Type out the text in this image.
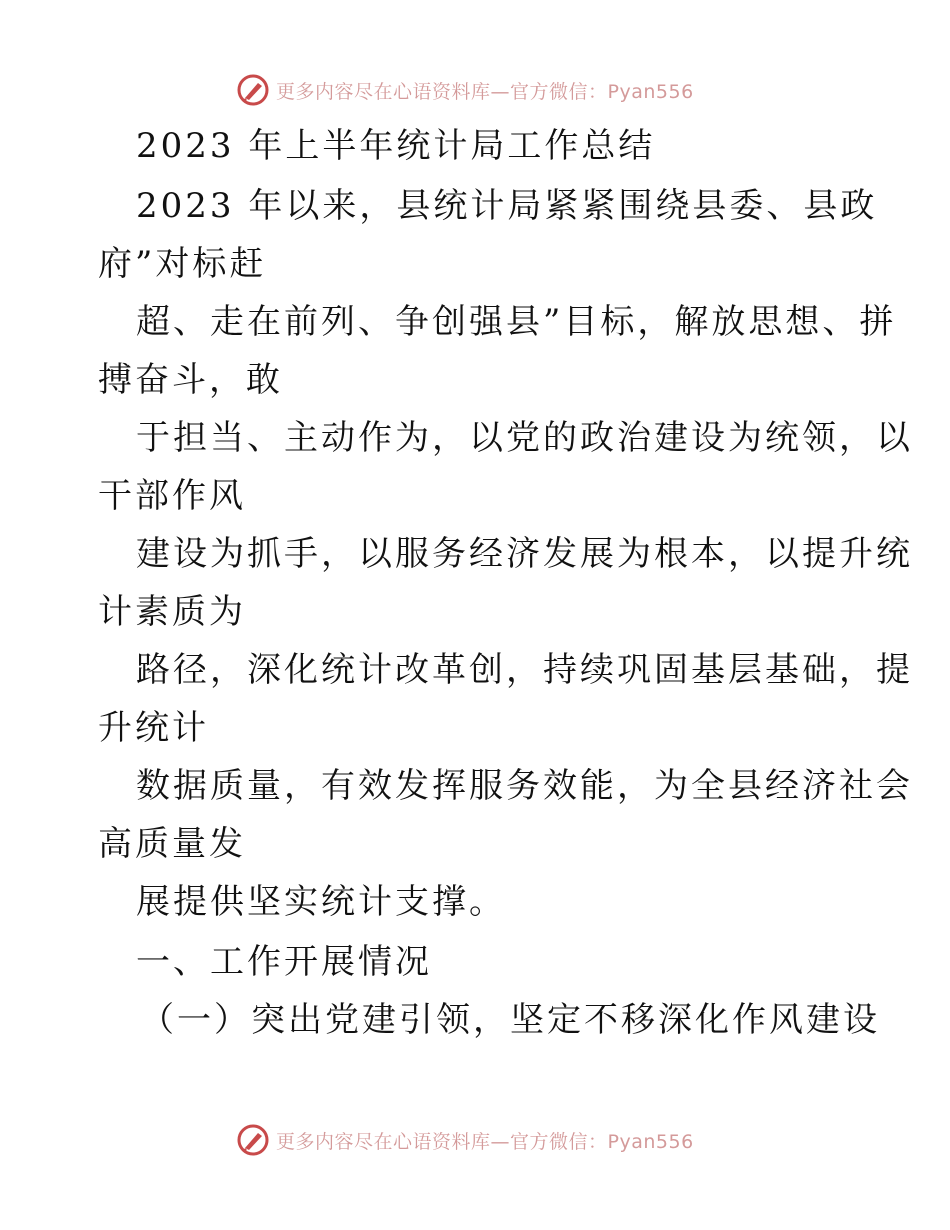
更多内容尽在心语资料库—官方微信：Pyan556
2023 年上半年统计局工作总结
2023 年以来，县统计局紧紧围绕县委、县政
府”对标赶
超、走在前列、争创强县”目标，解放思想、拼
搏奋斗，敢
于担当、主动作为，以党的政治建设为统领，以
干部作风
建设为抓手，以服务经济发展为根本，以提升统
计素质为
路径，深化统计改革创，持续巩固基层基础，提
升统计
数据质量，有效发挥服务效能，为全县经济社会
高质量发
展提供坚实统计支撑。
一、工作开展情况
（一）突出党建引领，坚定不移深化作风建设
更多内容尽在心语资料库—官方微信：Pyan556
